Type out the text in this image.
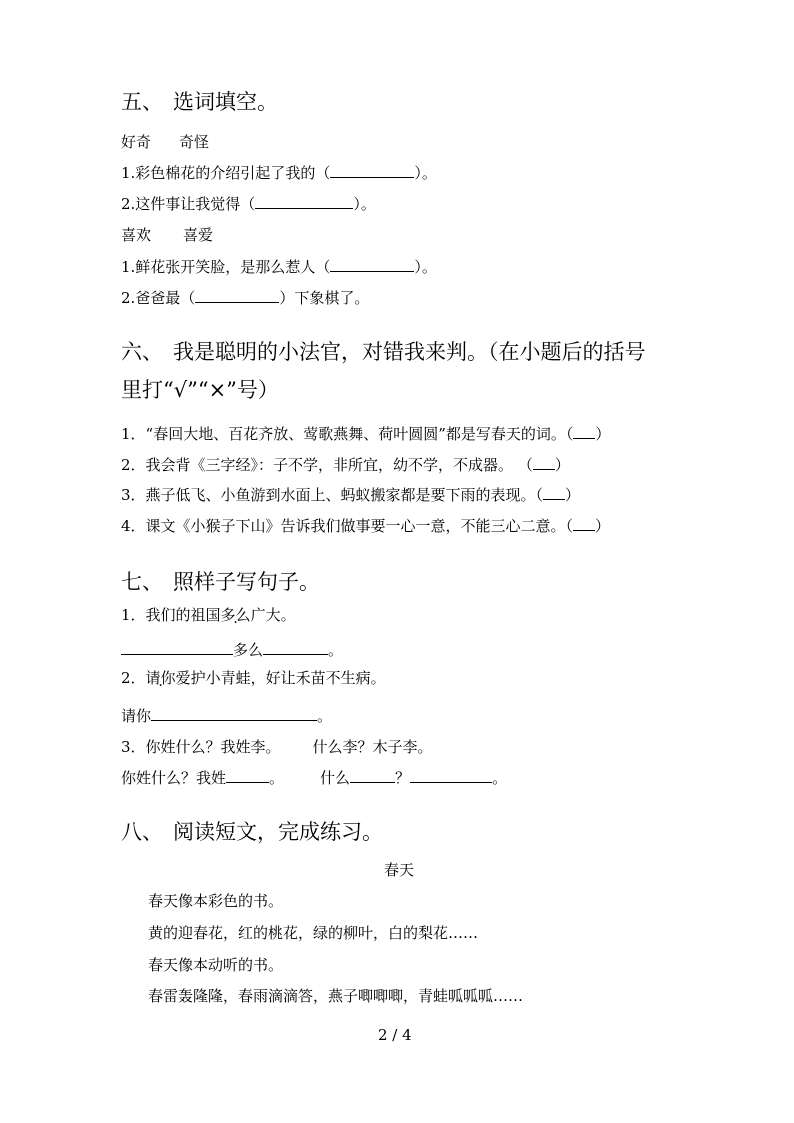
五、 选词填空。
好奇 奇怪
1.彩色棉花的介绍引起了我的（	）。
2.这件事让我觉得（	）。
喜欢 喜爱
1.鲜花张开笑脸，是那么惹人（	）。
2.爸爸最（	）下象棋了。
六、 我是聪明的小法官，对错我来判。（在小题后的括号
里打“√”“×”号）
1．“春回大地、百花齐放、莺歌燕舞、荷叶圆圆”都是写春天的词。（ ）
2．我会背《三字经》：子不学，非所宜，幼不学，不成器。 （ ）
3．燕子低飞、小鱼游到水面上、蚂蚁搬家都是要下雨的表现。（ ）
4．课文《小猴子下山》告诉我们做事要一心一意，不能三心二意。（ ）
七、 照样子写句子。
1．我们的祖国多么广大。
多么	。
2．请你爱护小青蛙，好让禾苗不生病。
请你	。
3．你姓什么？我姓李。 什么李？木子李。
你姓什么？我姓	。 什么	？	。
八、 阅读短文，完成练习。
春天
春天像本彩色的书。
黄的迎春花，红的桃花，绿的柳叶，白的梨花……
春天像本动听的书。
春雷轰隆隆，春雨滴滴答，燕子唧唧唧，青蛙呱呱呱……
2 / 4
